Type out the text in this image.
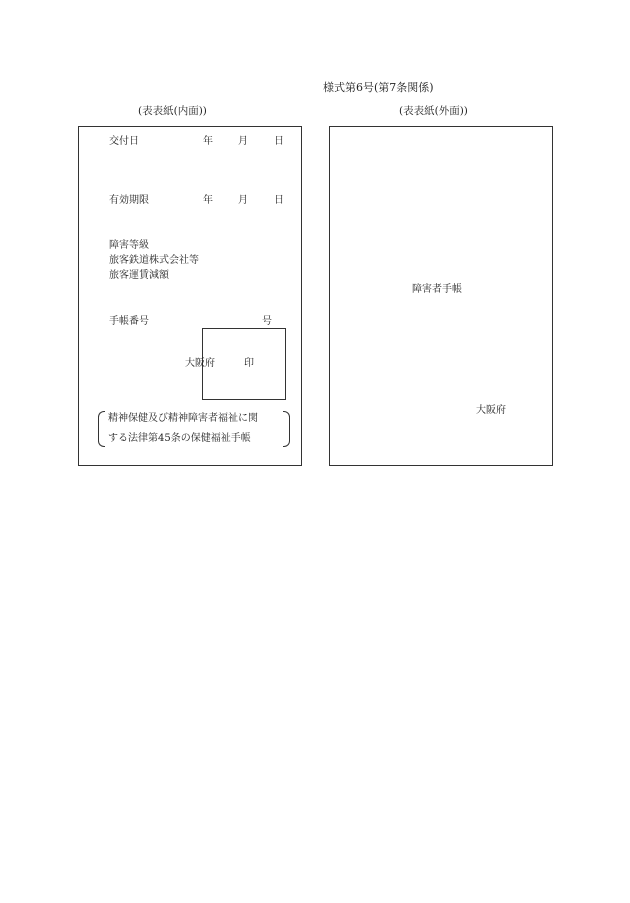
様式第6号(第7条関係)
(表表紙(内面))	(表表紙(外面))
交付日	年	月	日
有効期限	年	月	日
障害等級
旅客鉄道株式会社等
旅客運賃減額
手帳番号	号
大阪府	印
精神保健及び精神障害者福祉に関
する法律第45条の保健福祉手帳
障害者手帳
大阪府
